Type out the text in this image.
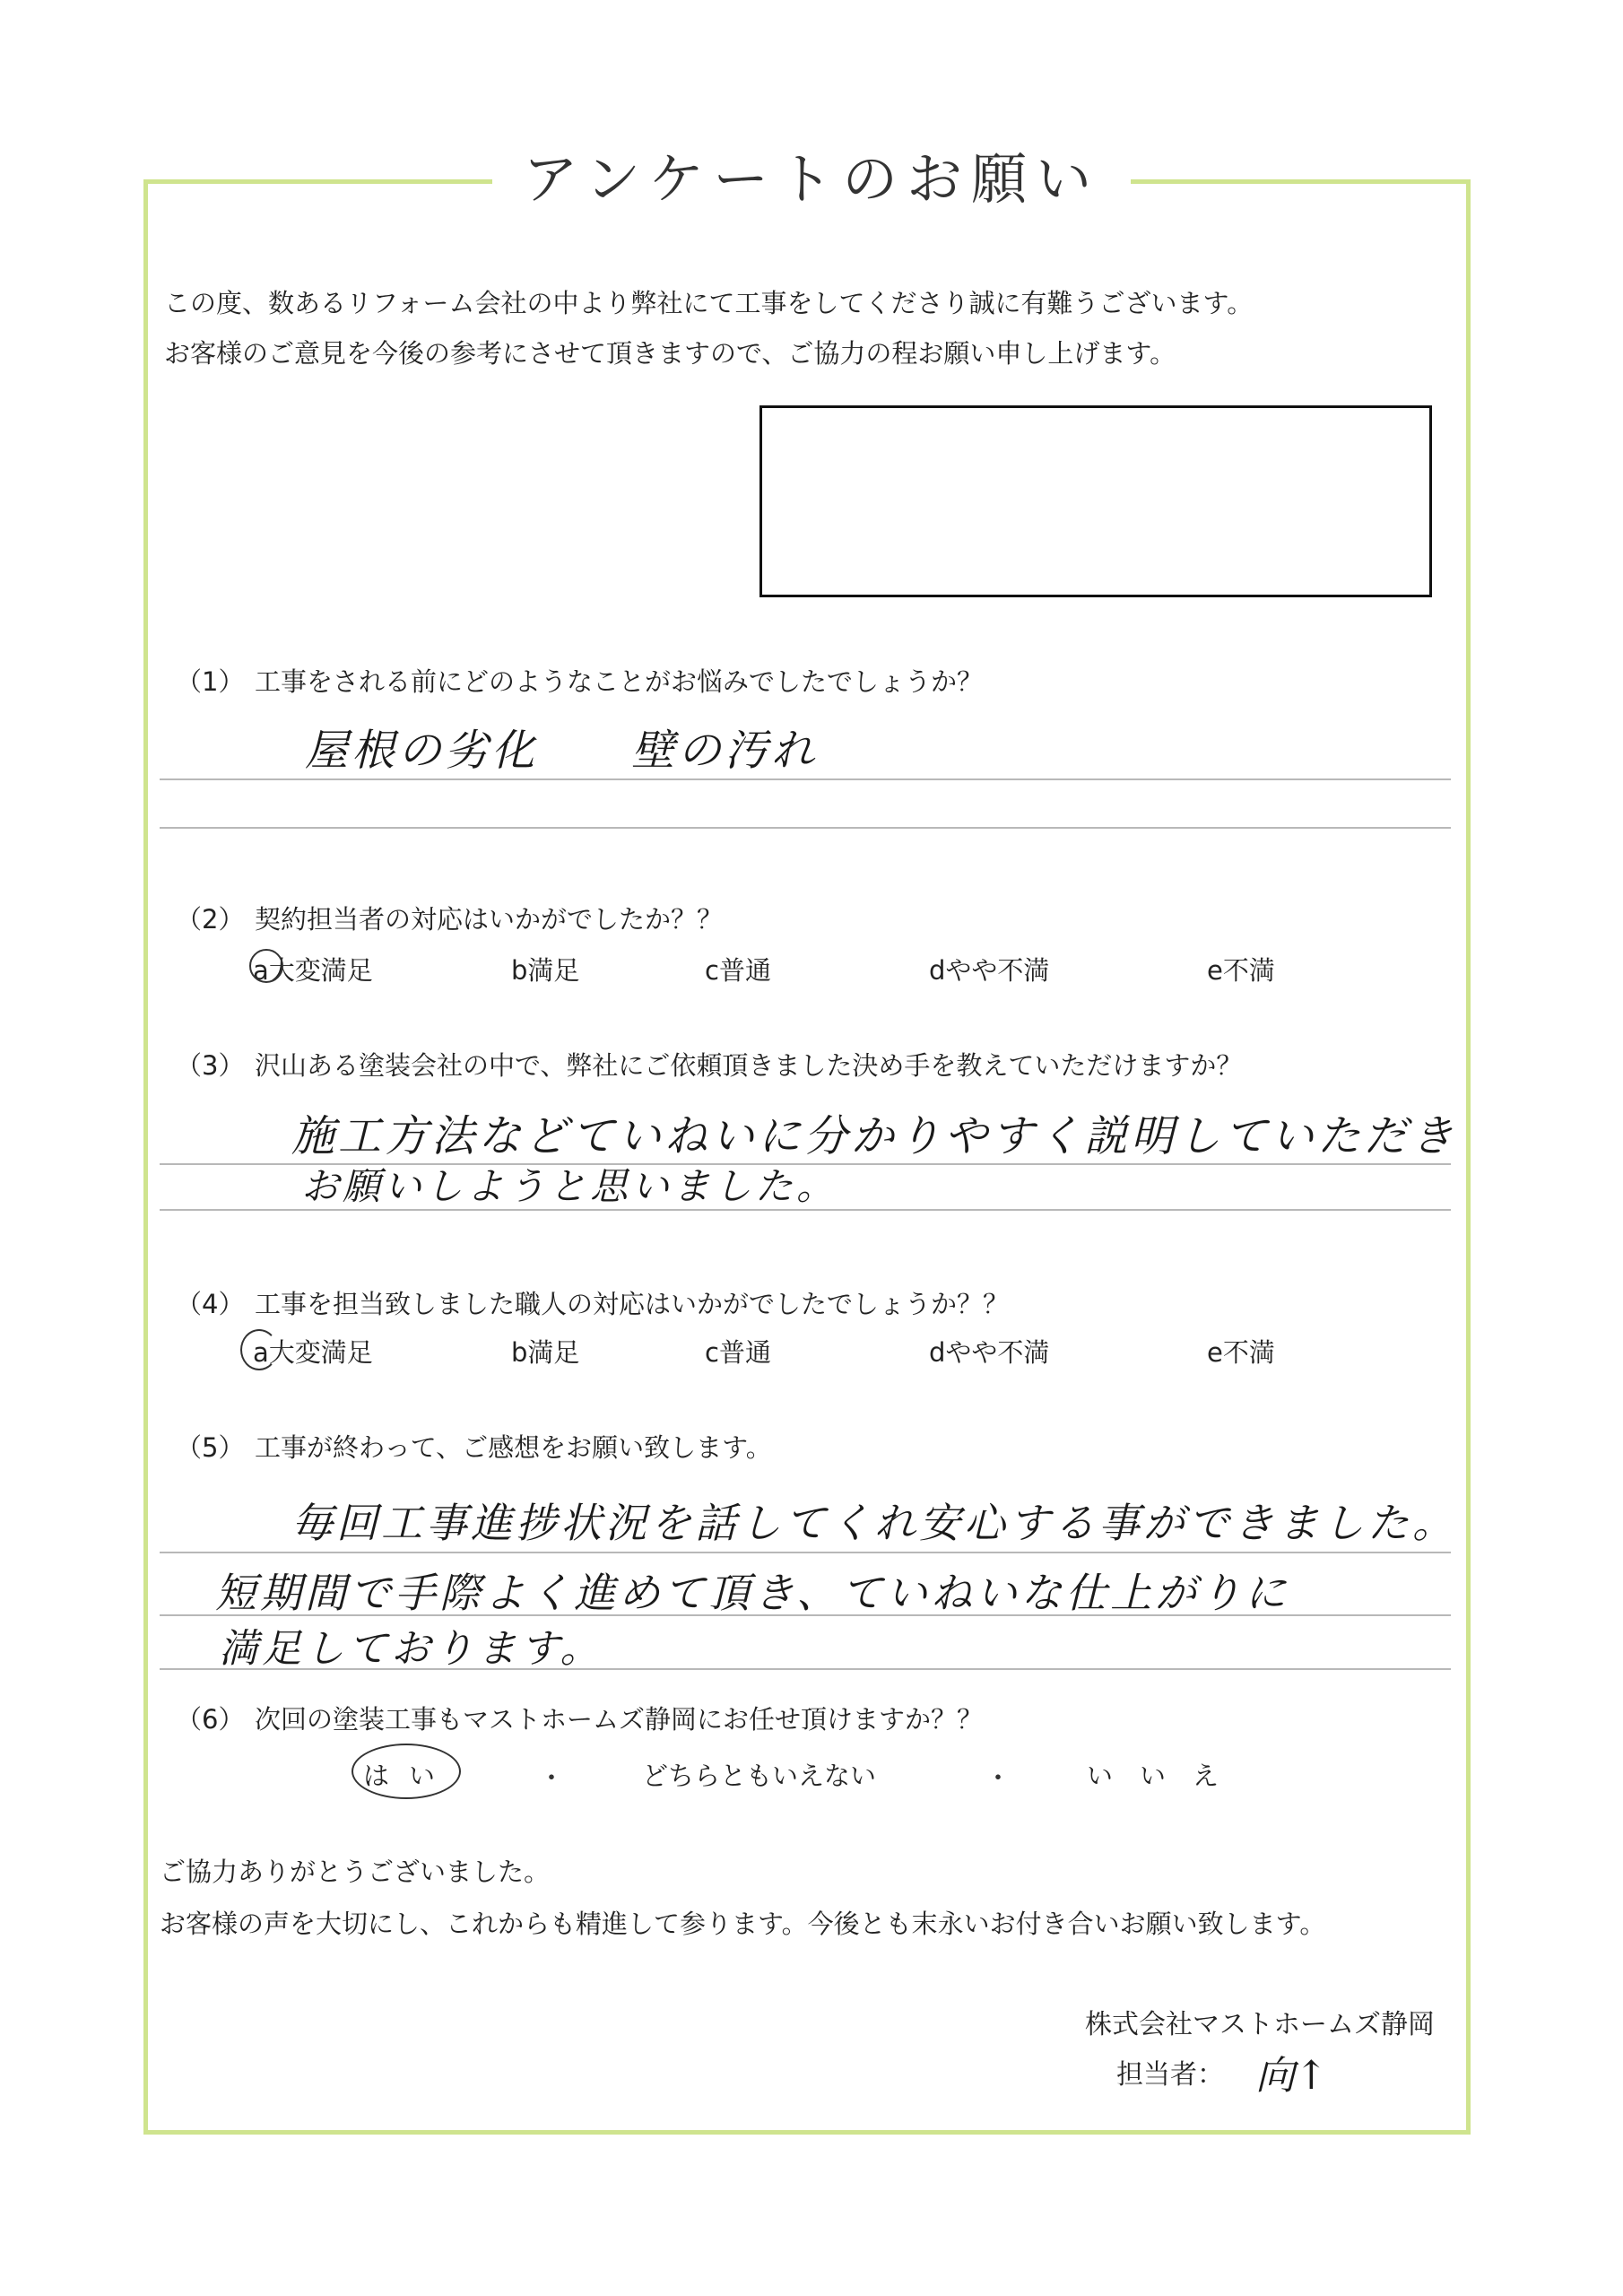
アンケートのお願い
この度、数あるリフォーム会社の中より弊社にて工事をしてくださり誠に有難うございます。
お客様のご意見を今後の参考にさせて頂きますので、ご協力の程お願い申し上げます。
（1） 工事をされる前にどのようなことがお悩みでしたでしょうか？
屋根の劣化　　壁の汚れ
（2） 契約担当者の対応はいかがでしたか？？
a大変満足	b満足	c普通	dやや不満	e不満
（3） 沢山ある塗装会社の中で、弊社にご依頼頂きました決め手を教えていただけますか？
施工方法などていねいに分かりやすく説明していただき
お願いしようと思いました。
（4） 工事を担当致しました職人の対応はいかがでしたでしょうか？？
a大変満足	b満足	c普通	dやや不満	e不満
（5） 工事が終わって、ご感想をお願い致します。
毎回工事進捗状況を話してくれ安心する事ができました。
短期間で手際よく進めて頂き、ていねいな仕上がりに
満足しております。
（6） 次回の塗装工事もマストホームズ静岡にお任せ頂けますか？？
はい	・	どちらともいえない	・	いいえ
ご協力ありがとうございました。
お客様の声を大切にし、これからも精進して参ります。今後とも末永いお付き合いお願い致します。
株式会社マストホームズ静岡
担当者： 向↑
